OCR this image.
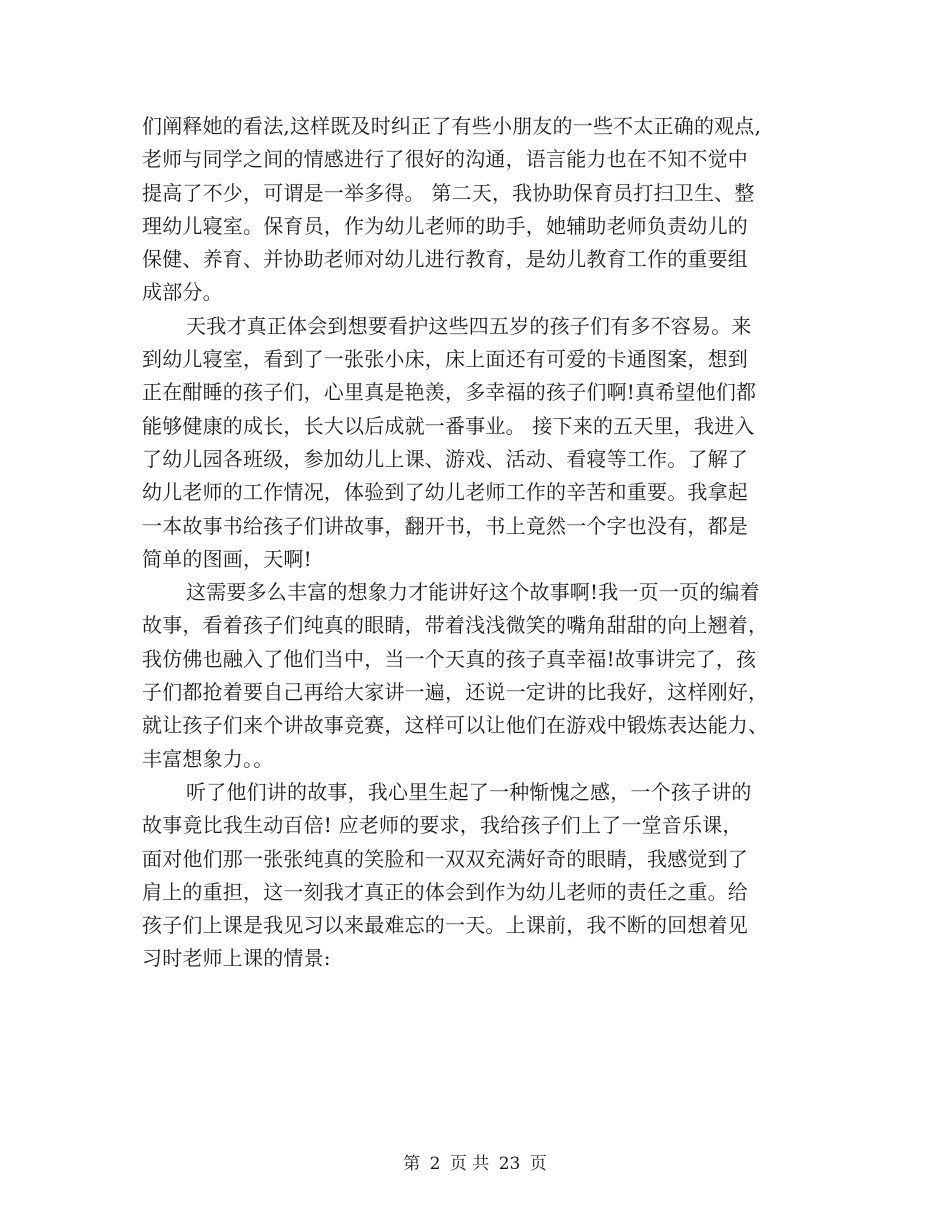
们阐释她的看法,这样既及时纠正了有些小朋友的一些不太正确的观点,
老师与同学之间的情感进行了很好的沟通，语言能力也在不知不觉中
提高了不少，可谓是一举多得。 第二天，我协助保育员打扫卫生、整
理幼儿寝室。保育员，作为幼儿老师的助手，她辅助老师负责幼儿的
保健、养育、并协助老师对幼儿进行教育，是幼儿教育工作的重要组
成部分。
天我才真正体会到想要看护这些四五岁的孩子们有多不容易。来
到幼儿寝室，看到了一张张小床，床上面还有可爱的卡通图案，想到
正在酣睡的孩子们，心里真是艳羡，多幸福的孩子们啊!真希望他们都
能够健康的成长，长大以后成就一番事业。 接下来的五天里，我进入
了幼儿园各班级，参加幼儿上课、游戏、活动、看寝等工作。了解了
幼儿老师的工作情况，体验到了幼儿老师工作的辛苦和重要。我拿起
一本故事书给孩子们讲故事，翻开书，书上竟然一个字也没有，都是
简单的图画，天啊!
这需要多么丰富的想象力才能讲好这个故事啊!我一页一页的编着
故事，看着孩子们纯真的眼睛，带着浅浅微笑的嘴角甜甜的向上翘着，
我仿佛也融入了他们当中，当一个天真的孩子真幸福!故事讲完了，孩
子们都抢着要自己再给大家讲一遍，还说一定讲的比我好，这样刚好，
就让孩子们来个讲故事竞赛，这样可以让他们在游戏中锻炼表达能力、
丰富想象力。。
听了他们讲的故事，我心里生起了一种惭愧之感，一个孩子讲的
故事竟比我生动百倍! 应老师的要求，我给孩子们上了一堂音乐课，
面对他们那一张张纯真的笑脸和一双双充满好奇的眼睛，我感觉到了
肩上的重担，这一刻我才真正的体会到作为幼儿老师的责任之重。给
孩子们上课是我见习以来最难忘的一天。上课前，我不断的回想着见
习时老师上课的情景:
第 2 页 共 23 页
